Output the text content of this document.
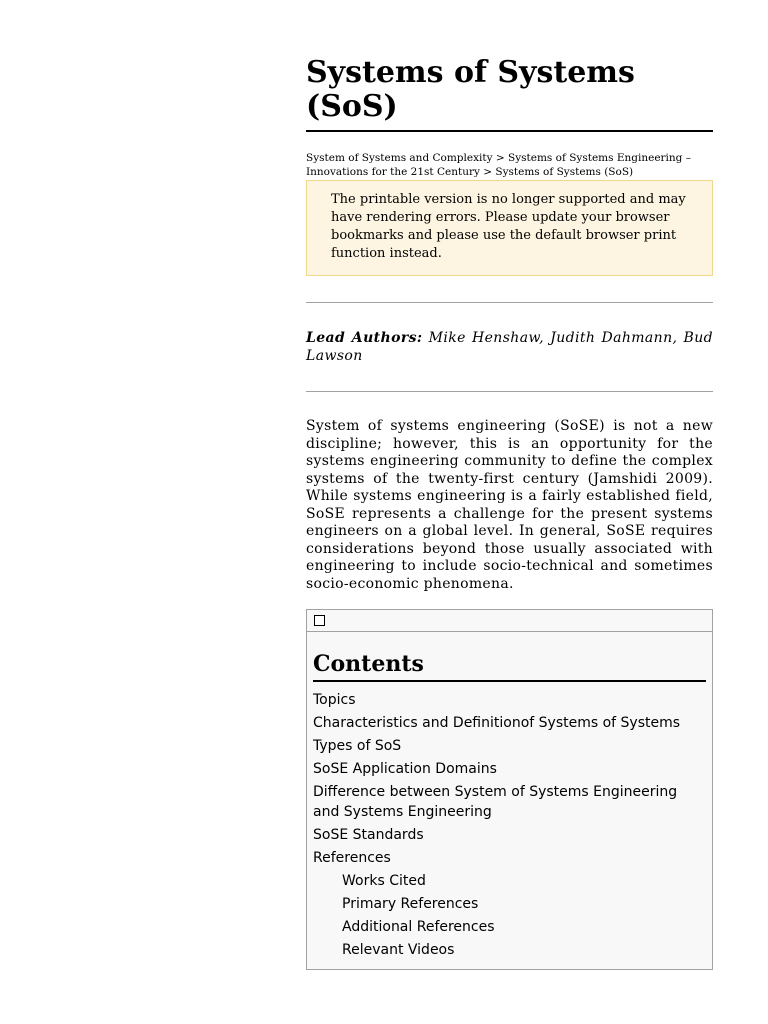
Systems of Systems
(SoS)
System of Systems and Complexity > Systems of Systems Engineering – Innovations for the 21st Century > Systems of Systems (SoS)
The printable version is no longer supported and may have rendering errors. Please update your browser bookmarks and please use the default browser print function instead.
Lead Authors: Mike Henshaw, Judith Dahmann, Bud Lawson
System of systems engineering (SoSE) is not a new discipline; however, this is an opportunity for the systems engineering community to define the complex systems of the twenty-first century (Jamshidi 2009). While systems engineering is a fairly established field, SoSE represents a challenge for the present systems engineers on a global level. In general, SoSE requires considerations beyond those usually associated with engineering to include socio-technical and sometimes socio-economic phenomena.
Contents
Topics
Characteristics and Definitionof Systems of Systems
Types of SoS
SoSE Application Domains
Difference between System of Systems Engineering and Systems Engineering
SoSE Standards
References
Works Cited
Primary References
Additional References
Relevant Videos
